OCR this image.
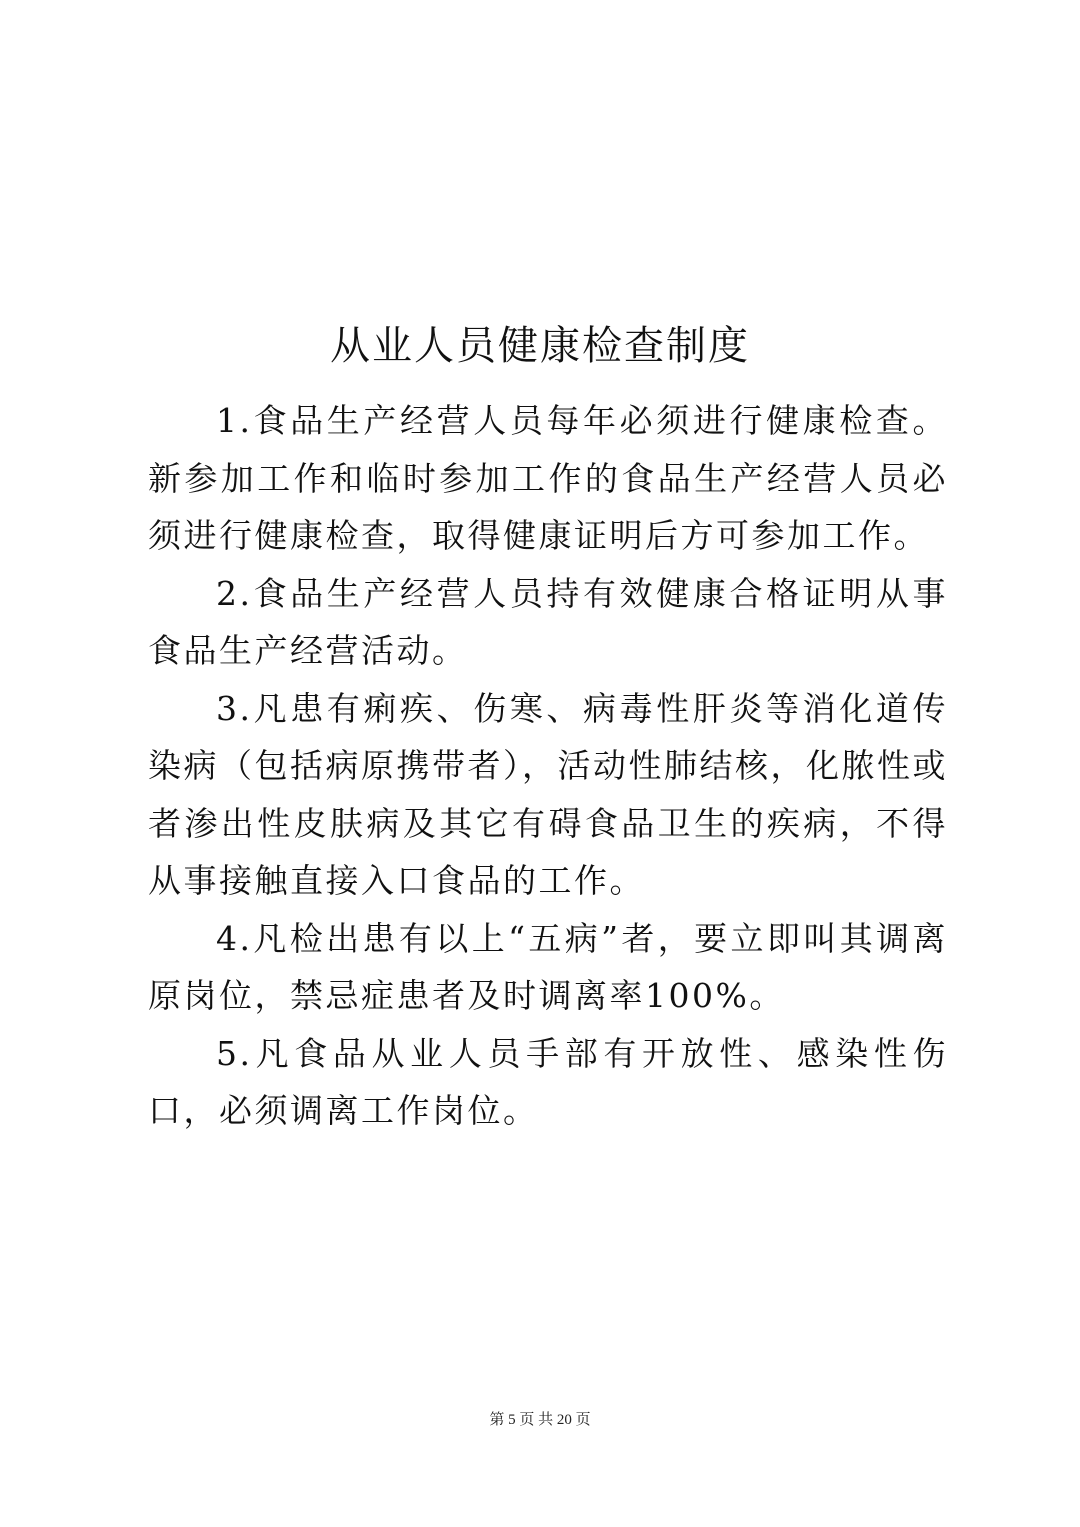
从业人员健康检查制度

1.食品生产经营人员每年必须进行健康检查。新参加工作和临时参加工作的食品生产经营人员必须进行健康检查，取得健康证明后方可参加工作。

2.食品生产经营人员持有效健康合格证明从事食品生产经营活动。

3.凡患有痢疾、伤寒、病毒性肝炎等消化道传染病（包括病原携带者），活动性肺结核，化脓性或者渗出性皮肤病及其它有碍食品卫生的疾病，不得从事接触直接入口食品的工作。

4.凡检出患有以上“五病”者，要立即叫其调离原岗位，禁忌症患者及时调离率100%。

5.凡食品从业人员手部有开放性、感染性伤口，必须调离工作岗位。

第 5 页 共 20 页
